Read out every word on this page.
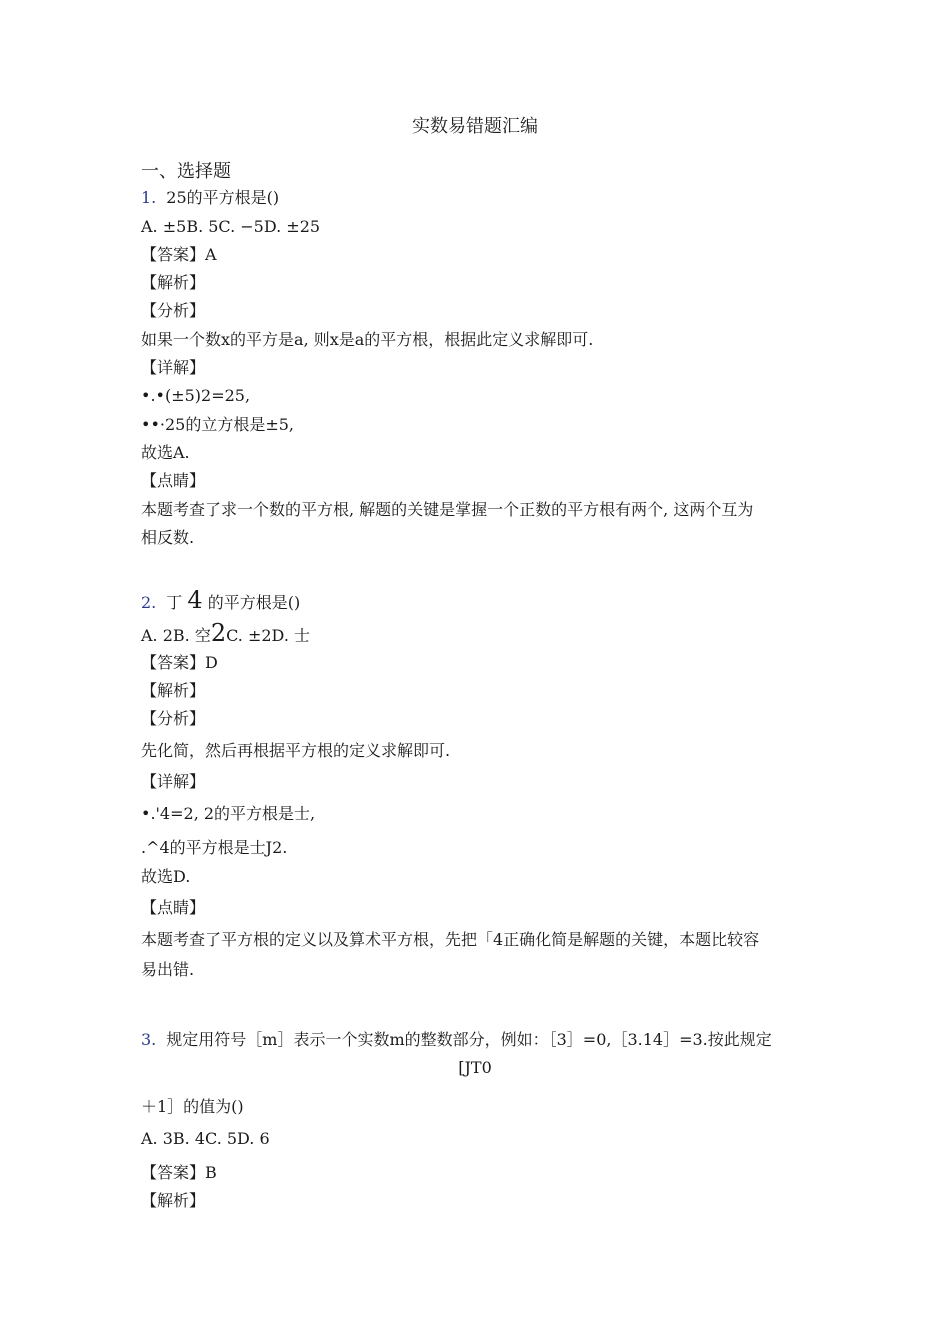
实数易错题汇编
一、选择题
1. 25的平方根是()
A. ±5B. 5C. −5D. ±25
【答案】A
【解析】
【分析】
如果一个数x的平方是a, 则x是a的平方根，根据此定义求解即可.
【详解】
•.•(±5)2=25,
••·25的立方根是±5,
故选A.
【点睛】
本题考查了求一个数的平方根, 解题的关键是掌握一个正数的平方根有两个, 这两个互为
相反数.
2. 丁 4 的平方根是()
A. 2B. 空2C. ±2D. 士
【答案】D
【解析】
【分析】
先化简，然后再根据平方根的定义求解即可.
【详解】
•.'4=2, 2的平方根是士,
.^4的平方根是士J2.
故选D.
【点睛】
本题考查了平方根的定义以及算术平方根，先把「4正确化简是解题的关键，本题比较容
易出错.
3. 规定用符号［m］表示一个实数m的整数部分，例如：［3］=0,［3.14］=3.按此规定
[JT0
＋1］的值为()
A. 3B. 4C. 5D. 6
【答案】B
【解析】
